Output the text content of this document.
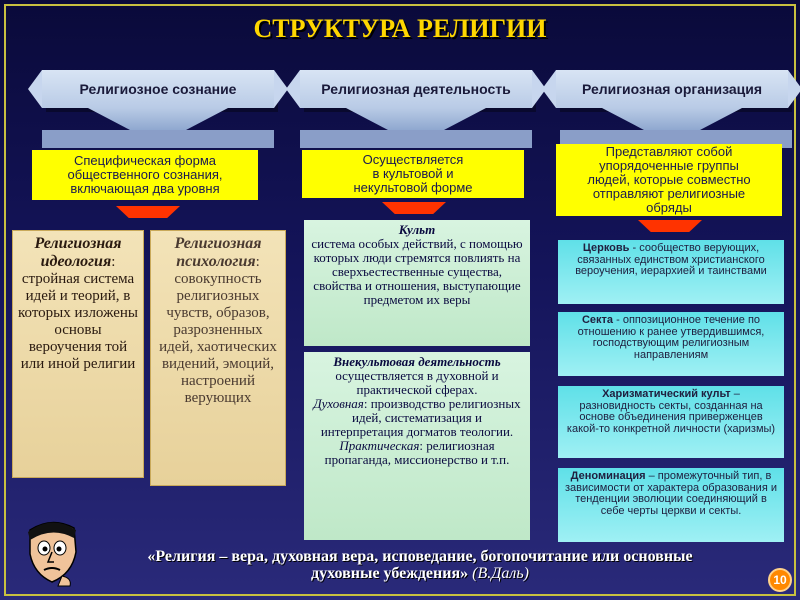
СТРУКТУРА РЕЛИГИИ
Религиозное сознание	Религиозная деятельность	Религиозная организация
Специфическая форма
общественного сознания,
включающая два уровня
Осуществляется
в культовой и
некультовой форме
Представляют собой
упорядоченные группы
людей, которые совместно
отправляют религиозные
обряды
Религиозная идеология: стройная система идей и теорий, в которых изложены основы вероучения той или иной религии
Религиозная психология: совокупность религиозных чувств, образов, разрозненных идей, хаотических видений, эмоций, настроений верующих
Культ
система особых действий, с помощью которых люди стремятся повлиять на сверхъестественные существа, свойства и отношения, выступающие предметом их веры
Внекультовая деятельность
осуществляется в духовной и практической сферах.
Духовная: производство религиозных идей, систематизация и интерпретация догматов теологии.
Практическая: религиозная пропаганда, миссионерство и т.п.
Церковь - сообщество верующих, связанных единством христианского вероучения, иерархией и таинствами
Секта - оппозиционное течение по отношению к ранее утвердившимся, господствующим религиозным направлениям
Харизматический культ – разновидность секты, созданная на основе объединения приверженцев какой-то конкретной личности (харизмы)
Деноминация – промежуточный тип, в зависимости от характера образования и тенденции эволюции соединяющий в себе черты церкви и секты.
«Религия – вера, духовная вера, исповедание, богопочитание или основные духовные убеждения» (В.Даль)	10
